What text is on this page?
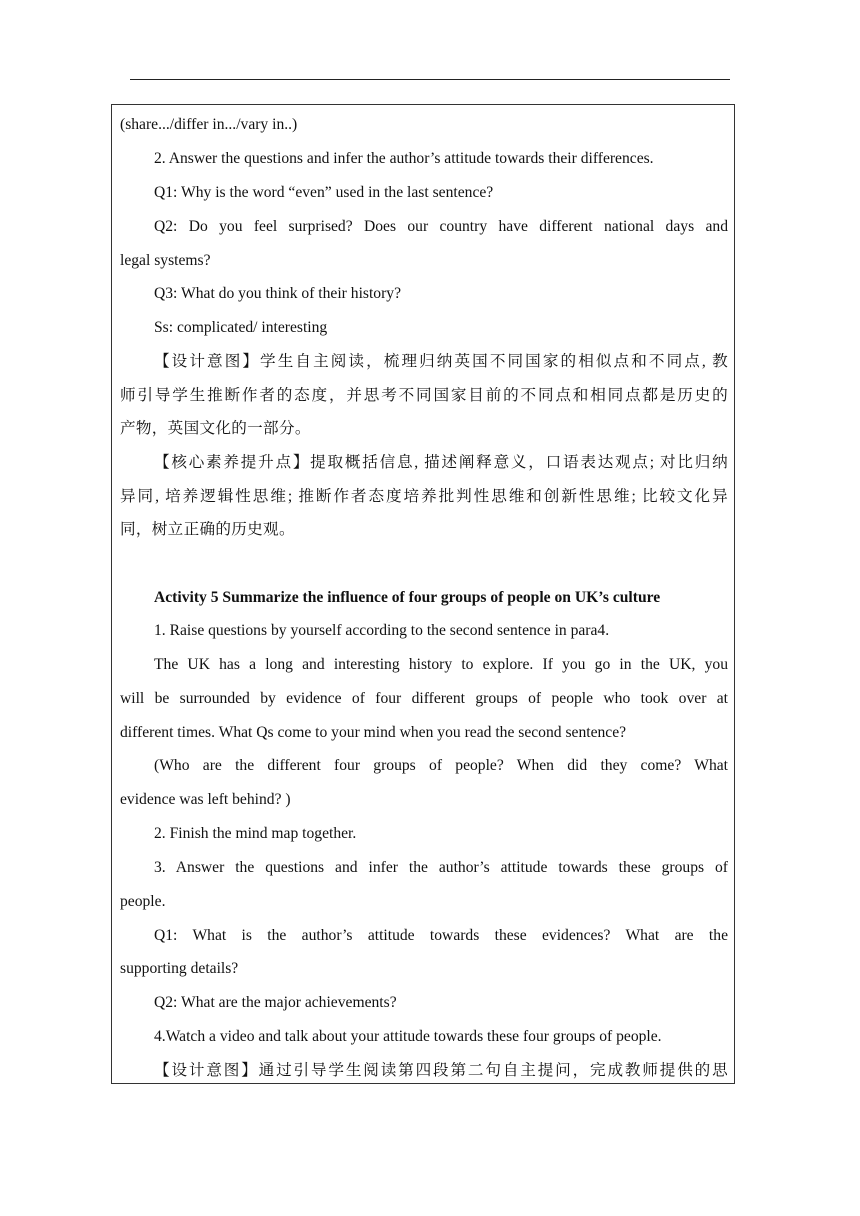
(share.../differ in.../vary in..)
2. Answer the questions and infer the author’s attitude towards their differences.
Q1: Why is the word “even” used in the last sentence?
Q2: Do you feel surprised? Does our country have different national days and
legal systems?
Q3: What do you think of their history?
Ss: complicated/ interesting
【设计意图】学生自主阅读，梳理归纳英国不同国家的相似点和不同点, 教
师引导学生推断作者的态度，并思考不同国家目前的不同点和相同点都是历史的
产物，英国文化的一部分。
【核心素养提升点】提取概括信息, 描述阐释意义，口语表达观点; 对比归纳
异同, 培养逻辑性思维; 推断作者态度培养批判性思维和创新性思维; 比较文化异
同，树立正确的历史观。
Activity 5 Summarize the influence of four groups of people on UK’s culture
1. Raise questions by yourself according to the second sentence in para4.
The UK has a long and interesting history to explore. If you go in the UK, you
will be surrounded by evidence of four different groups of people who took over at
different times. What Qs come to your mind when you read the second sentence?
(Who are the different four groups of people? When did they come? What
evidence was left behind? )
2. Finish the mind map together.
3. Answer the questions and infer the author’s attitude towards these groups of
people.
Q1: What is the author’s attitude towards these evidences? What are the
supporting details?
Q2: What are the major achievements?
4.Watch a video and talk about your attitude towards these four groups of people.
【设计意图】通过引导学生阅读第四段第二句自主提问，完成教师提供的思
